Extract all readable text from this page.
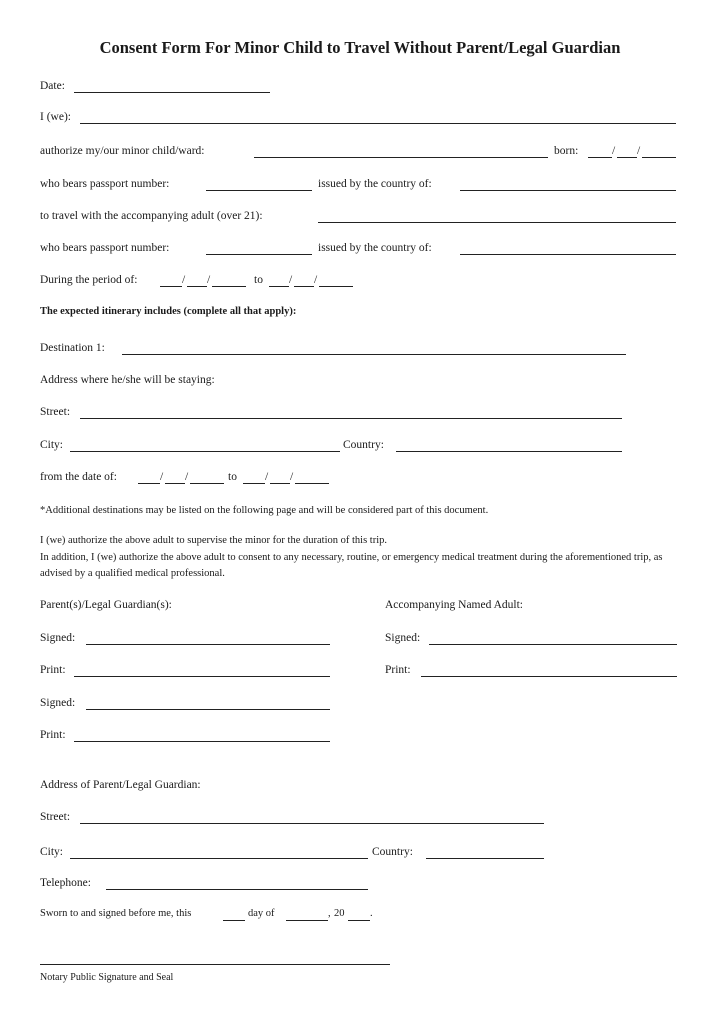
Consent Form For Minor Child to Travel Without Parent/Legal Guardian
Date:
I (we):
authorize my/our minor child/ward:	born:	/ /
who bears passport number:	issued by the country of:
to travel with the accompanying adult (over 21):
who bears passport number:	issued by the country of:
During the period of:	/ /	to / /
The expected itinerary includes (complete all that apply):
Destination 1:
Address where he/she will be staying:
Street:
City:	Country:
from the date of:	/ /	to / /
*Additional destinations may be listed on the following page and will be considered part of this document.
I (we) authorize the above adult to supervise the minor for the duration of this trip.
In addition, I (we) authorize the above adult to consent to any necessary, routine, or emergency medical treatment during the aforementioned trip, as advised by a qualified medical professional.
Parent(s)/Legal Guardian(s):	Accompanying Named Adult:
Signed:	Signed:
Print:	Print:
Signed:
Print:
Address of Parent/Legal Guardian:
Street:
City:	Country:
Telephone:
Sworn to and signed before me, this	day of	, 20 .
Notary Public Signature and Seal
